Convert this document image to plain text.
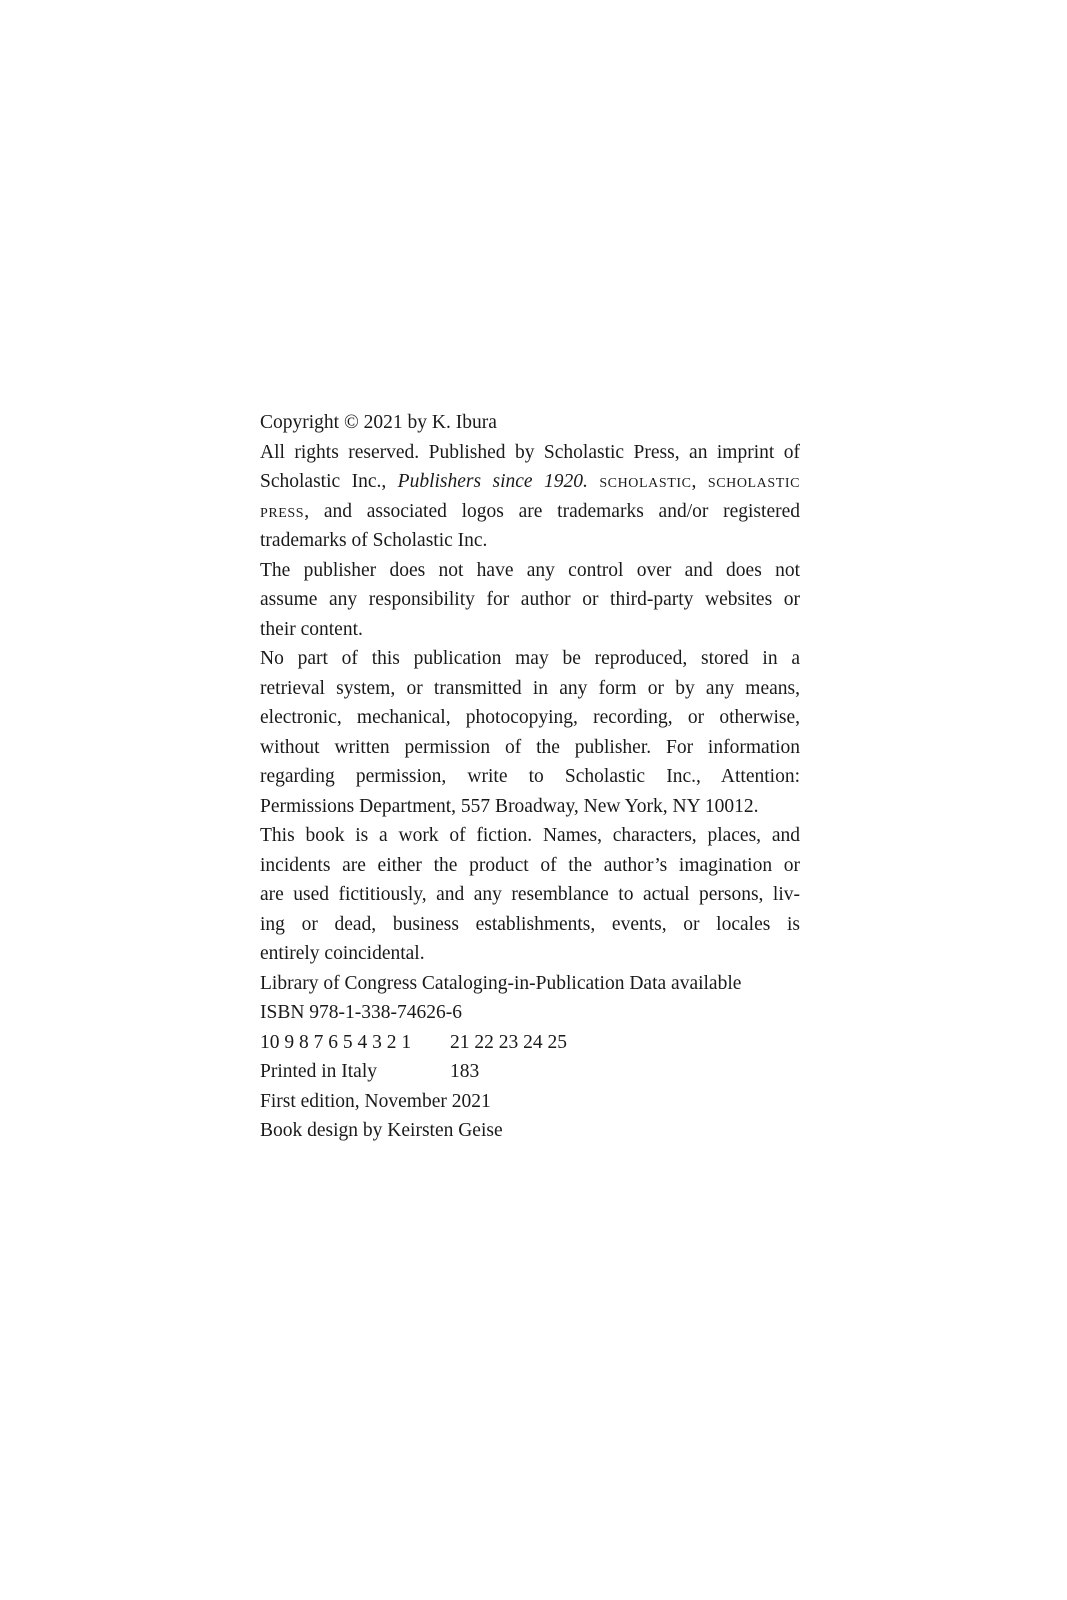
Copyright © 2021 by K. Ibura

All rights reserved. Published by Scholastic Press, an imprint of
Scholastic Inc., Publishers since 1920. scholastic, scholastic
press, and associated logos are trademarks and/or registered
trademarks of Scholastic Inc.

The publisher does not have any control over and does not
assume any responsibility for author or third-party websites or
their content.

No part of this publication may be reproduced, stored in a
retrieval system, or transmitted in any form or by any means,
electronic, mechanical, photocopying, recording, or otherwise,
without written permission of the publisher. For information
regarding permission, write to Scholastic Inc., Attention:
Permissions Department, 557 Broadway, New York, NY 10012.

This book is a work of fiction. Names, characters, places, and
incidents are either the product of the author’s imagination or
are used fictitiously, and any resemblance to actual persons, liv-
ing or dead, business establishments, events, or locales is
entirely coincidental.

Library of Congress Cataloging-in-Publication Data available

ISBN 978-1-338-74626-6

10 9 8 7 6 5 4 3 2 1	21 22 23 24 25
Printed in Italy	183

First edition, November 2021

Book design by Keirsten Geise
